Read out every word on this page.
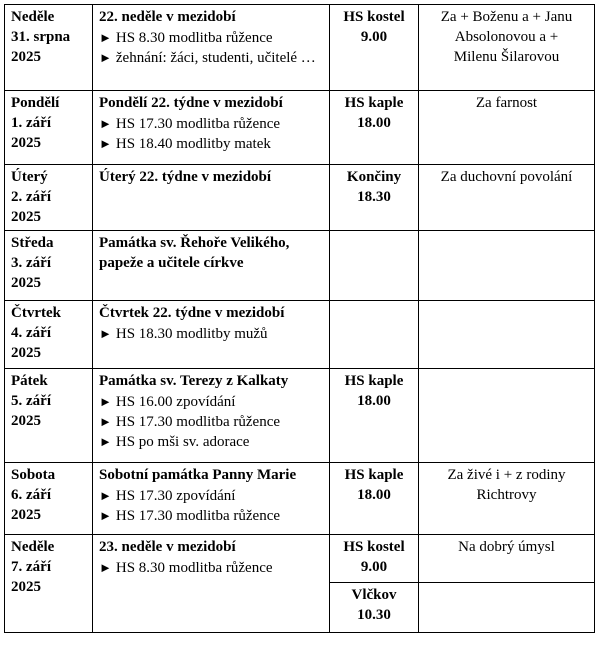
Neděle
31. srpna
2025	22. neděle v mezidobí
► HS 8.30 modlitba růžence
► žehnání: žáci, studenti, učitelé …	HS kostel
9.00	Za + Boženu a + Janu
Absolonovou a +
Milenu Šilarovou

Pondělí
1. září
2025	Pondělí 22. týdne v mezidobí
► HS 17.30 modlitba růžence
► HS 18.40 modlitby matek	HS kaple
18.00	Za farnost

Úterý
2. září
2025	Úterý 22. týdne v mezidobí	Končiny
18.30	Za duchovní povolání

Středa
3. září
2025	Památka sv. Řehoře Velikého, papeže a učitele církve		

Čtvrtek
4. září
2025	Čtvrtek 22. týdne v mezidobí
► HS 18.30 modlitby mužů		

Pátek
5. září
2025	Památka sv. Terezy z Kalkaty
► HS 16.00 zpovídání
► HS 17.30 modlitba růžence
► HS po mši sv. adorace	HS kaple
18.00	

Sobota
6. září
2025	Sobotní památka Panny Marie
► HS 17.30 zpovídání
► HS 17.30 modlitba růžence	HS kaple
18.00	Za živé i + z rodiny
Richtrovy

Neděle
7. září
2025	23. neděle v mezidobí
► HS 8.30 modlitba růžence	HS kostel
9.00	Na dobrý úmysl

		Vlčkov
10.30	
